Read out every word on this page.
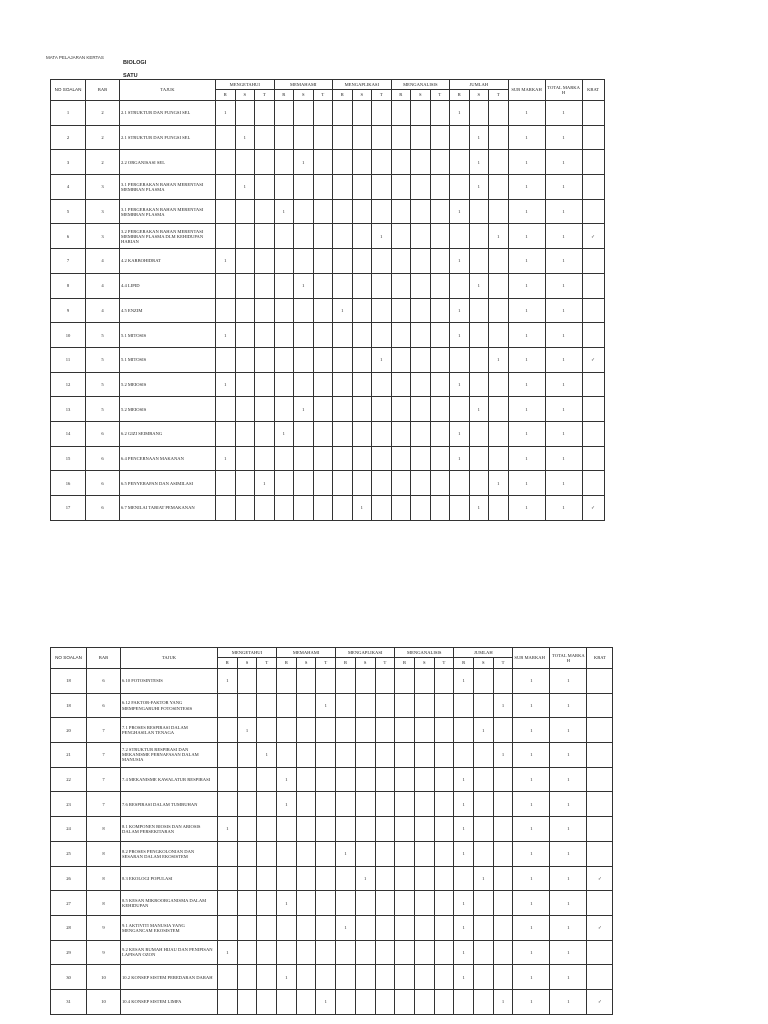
MATA PELAJARAN KERTAS
BIOLOGI
SATU
NO SOALAN	BAB	TAJUK	MENGETAHUI			MEMAHAMI			MENGAPLIKASI			MENGANALISIS			JUMLAH			SUB MARKAH	TOTAL MARKA H	KBAT
			R	S	T	R	S	T	R	S	T	R	S	T	R	S	T			
1	2	2.1 STRUKTUR DAN FUNGSI SEL	1												1			1	1	
2	2	2.1 STRUKTUR DAN FUNGSI SEL		1												1		1	1	
3	2	2.2 ORGANISASI SEL					1									1		1	1	
4	3	3.1 PERGERAKAN BAHAN MERENTASI MEMBRAN PLASMA		1												1		1	1	
5	3	3.1 PERGERAKAN BAHAN MERENTASI MEMBRAN PLASMA				1									1			1	1	
6	3	3.2 PERGERAKAN BAHAN MERENTASI MEMBRAN PLASMA DLM KEHIDUPAN HARIAN									1						1	1	1	✓
7	4	4.2 KARBOHIDRAT	1												1			1	1	
8	4	4.4 LIPID					1									1		1	1	
9	4	4.5 ENZIM							1						1			1	1	
10	5	5.1 MITOSIS	1												1			1	1	
11	5	5.1 MITOSIS									1						1	1	1	✓
12	5	5.2 MEIOSIS	1												1			1	1	
13	5	5.2 MEIOSIS					1									1		1	1	
14	6	6.2 GIZI SEIMBANG				1									1			1	1	
15	6	6.4 PENCERNAAN MAKANAN	1												1			1	1	
16	6	6.5 PENYERAPAN DAN ASIMILASI			1												1	1	1	
17	6	6.7 MENILAI TABIAT PEMAKANAN								1						1		1	1	✓
NO SOALAN	BAB	TAJUK	MENGETAHUI			MEMAHAMI			MENGAPLIKASI			MENGANALISIS			JUMLAH			SUB MARKAH	TOTAL MARKA H	KBAT
			R	S	T	R	S	T	R	S	T	R	S	T	R	S	T			
18	6	6.10 FOTOSINTESIS	1												1			1	1	
18	6	6.12 FAKTOR-FAKTOR YANG MEMPENGARUHI FOTOSINTESIS						1									1	1	1	
20	7	7.1 PROSES RESPIRASI DALAM PENGHASILAN TENAGA		1												1		1	1	
21	7	7.2 STRUKTUR RESPIRASI DAN MEKANISME PERNAFASAN DALAM MANUSIA			1												1	1	1	
22	7	7.4 MEKANISME KAWALATUR RESPIRASI				1									1			1	1	
23	7	7.6 RESPIRASI DALAM TUMBUHAN				1									1			1	1	
24	8	8.1 KOMPONEN BIOSIS DAN ABIOSIS DALAM PERSEKITARAN	1												1			1	1	
25	8	8.2 PROSES PENGKOLONIAN DAN SESARAN DALAM EKOSISTEM							1						1			1	1	
26	8	8.3 EKOLOGI POPULASI								1						1		1	1	✓
27	8	8.5 KESAN MIKROORGANISMA DALAM KEHIDUPAN				1									1			1	1	
28	9	9.1 AKTIVITI MANUSIA YANG MENGANCAM EKOSISTEM							1						1			1	1	✓
29	9	9.2 KESAN RUMAH HIJAU DAN PENIPISAN LAPISAN OZON	1												1			1	1	
30	10	10.2 KONSEP SISTEM PEREDARAN DARAH				1									1			1	1	
31	10	10.4 KONSEP SISTEM LIMFA						1									1	1	1	✓
